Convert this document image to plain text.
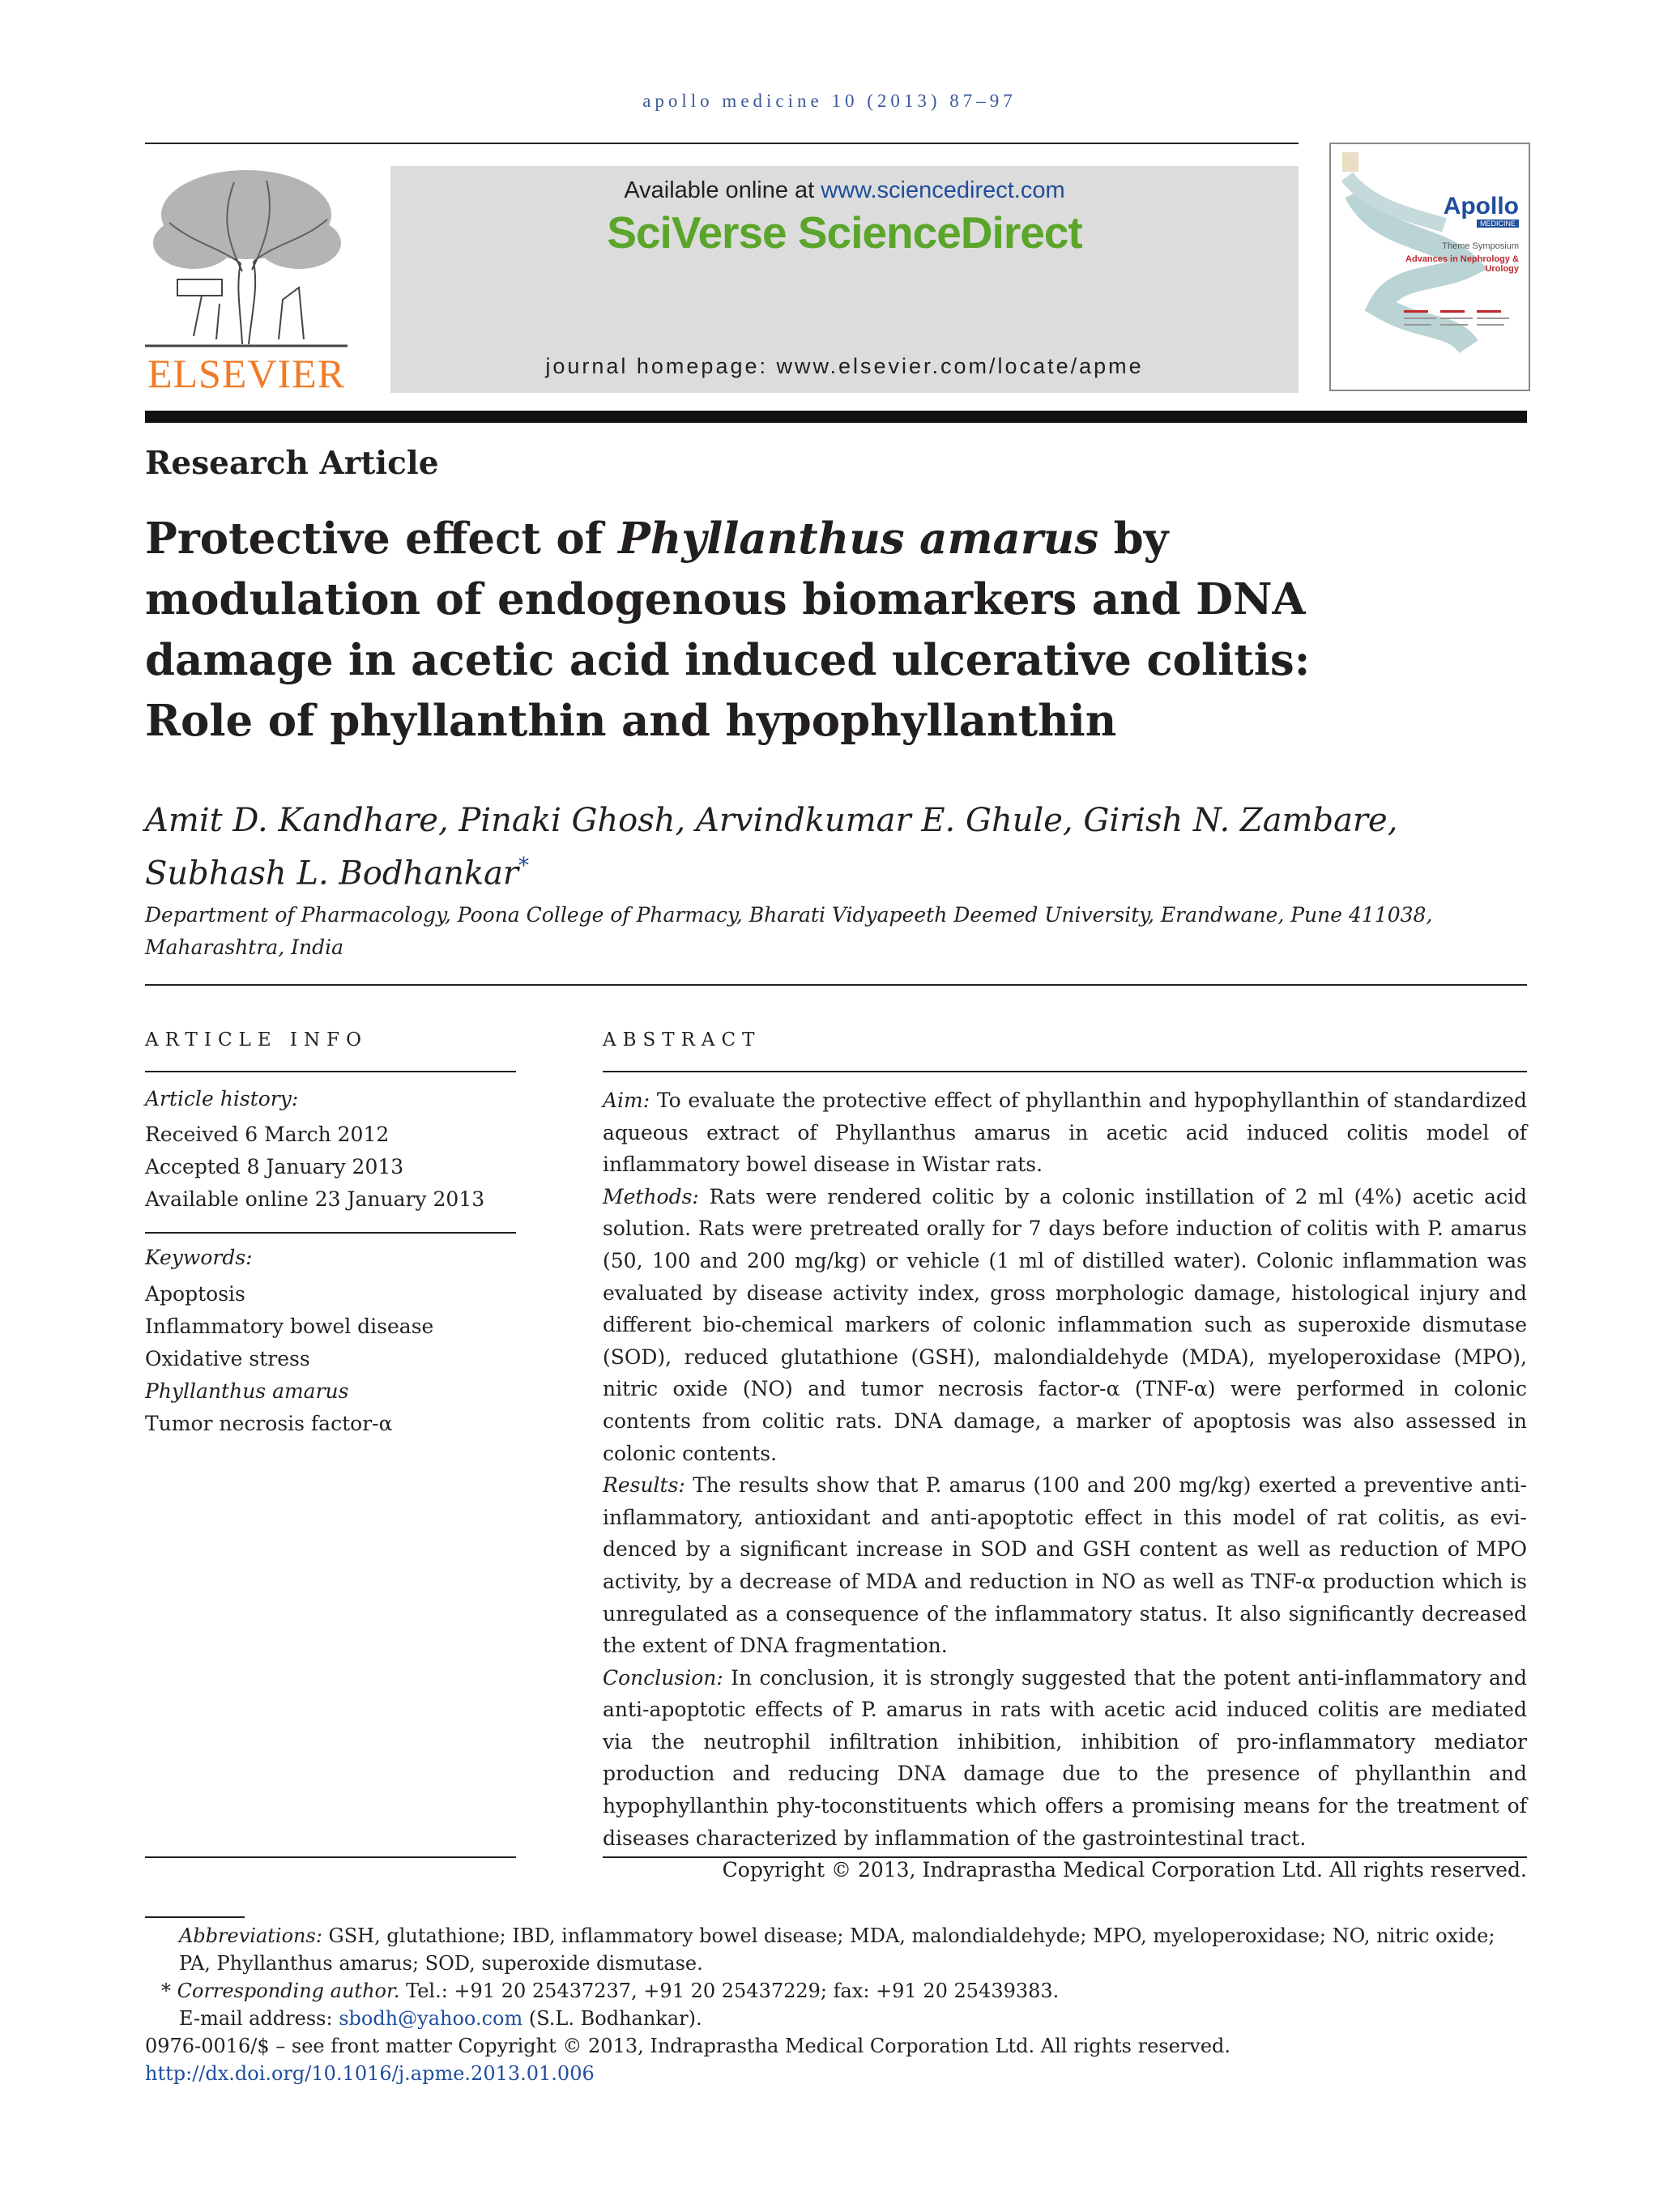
apollo medicine 10 (2013) 87–97
ELSEVIER
Available online at www.sciencedirect.com
SciVerse ScienceDirect
journal homepage: www.elsevier.com/locate/apme
Apollo
MEDICINE
Theme Symposium
Advances in Nephrology & Urology
Research Article
Protective effect of Phyllanthus amarus by modulation of endogenous biomarkers and DNA damage in acetic acid induced ulcerative colitis: Role of phyllanthin and hypophyllanthin
Amit D. Kandhare, Pinaki Ghosh, Arvindkumar E. Ghule, Girish N. Zambare, Subhash L. Bodhankar*
Department of Pharmacology, Poona College of Pharmacy, Bharati Vidyapeeth Deemed University, Erandwane, Pune 411038, Maharashtra, India
ARTICLE INFO
Article history:
Received 6 March 2012
Accepted 8 January 2013
Available online 23 January 2013
Keywords:
Apoptosis
Inflammatory bowel disease
Oxidative stress
Phyllanthus amarus
Tumor necrosis factor-α
ABSTRACT

Aim: To evaluate the protective effect of phyllanthin and hypophyllanthin of standardized aqueous extract of Phyllanthus amarus in acetic acid induced colitis model of inflammatory bowel disease in Wistar rats.

Methods: Rats were rendered colitic by a colonic instillation of 2 ml (4%) acetic acid solution. Rats were pretreated orally for 7 days before induction of colitis with P. amarus (50, 100 and 200 mg/kg) or vehicle (1 ml of distilled water). Colonic inflammation was evaluated by disease activity index, gross morphologic damage, histological injury and different bio-chemical markers of colonic inflammation such as superoxide dismutase (SOD), reduced glutathione (GSH), malondialdehyde (MDA), myeloperoxidase (MPO), nitric oxide (NO) and tumor necrosis factor-α (TNF-α) were performed in colonic contents from colitic rats. DNA damage, a marker of apoptosis was also assessed in colonic contents.

Results: The results show that P. amarus (100 and 200 mg/kg) exerted a preventive anti-inflammatory, antioxidant and anti-apoptotic effect in this model of rat colitis, as evi-denced by a significant increase in SOD and GSH content as well as reduction of MPO activity, by a decrease of MDA and reduction in NO as well as TNF-α production which is unregulated as a consequence of the inflammatory status. It also significantly decreased the extent of DNA fragmentation.

Conclusion: In conclusion, it is strongly suggested that the potent anti-inflammatory and anti-apoptotic effects of P. amarus in rats with acetic acid induced colitis are mediated via the neutrophil infiltration inhibition, inhibition of pro-inflammatory mediator production and reducing DNA damage due to the presence of phyllanthin and hypophyllanthin phy-toconstituents which offers a promising means for the treatment of diseases characterized by inflammation of the gastrointestinal tract.

Copyright © 2013, Indraprastha Medical Corporation Ltd. All rights reserved.

Abbreviations: GSH, glutathione; IBD, inflammatory bowel disease; MDA, malondialdehyde; MPO, myeloperoxidase; NO, nitric oxide; PA, Phyllanthus amarus; SOD, superoxide dismutase.

* Corresponding author. Tel.: +91 20 25437237, +91 20 25437229; fax: +91 20 25439383.

E-mail address: sbodh@yahoo.com (S.L. Bodhankar).

0976-0016/$ – see front matter Copyright © 2013, Indraprastha Medical Corporation Ltd. All rights reserved.

http://dx.doi.org/10.1016/j.apme.2013.01.006
